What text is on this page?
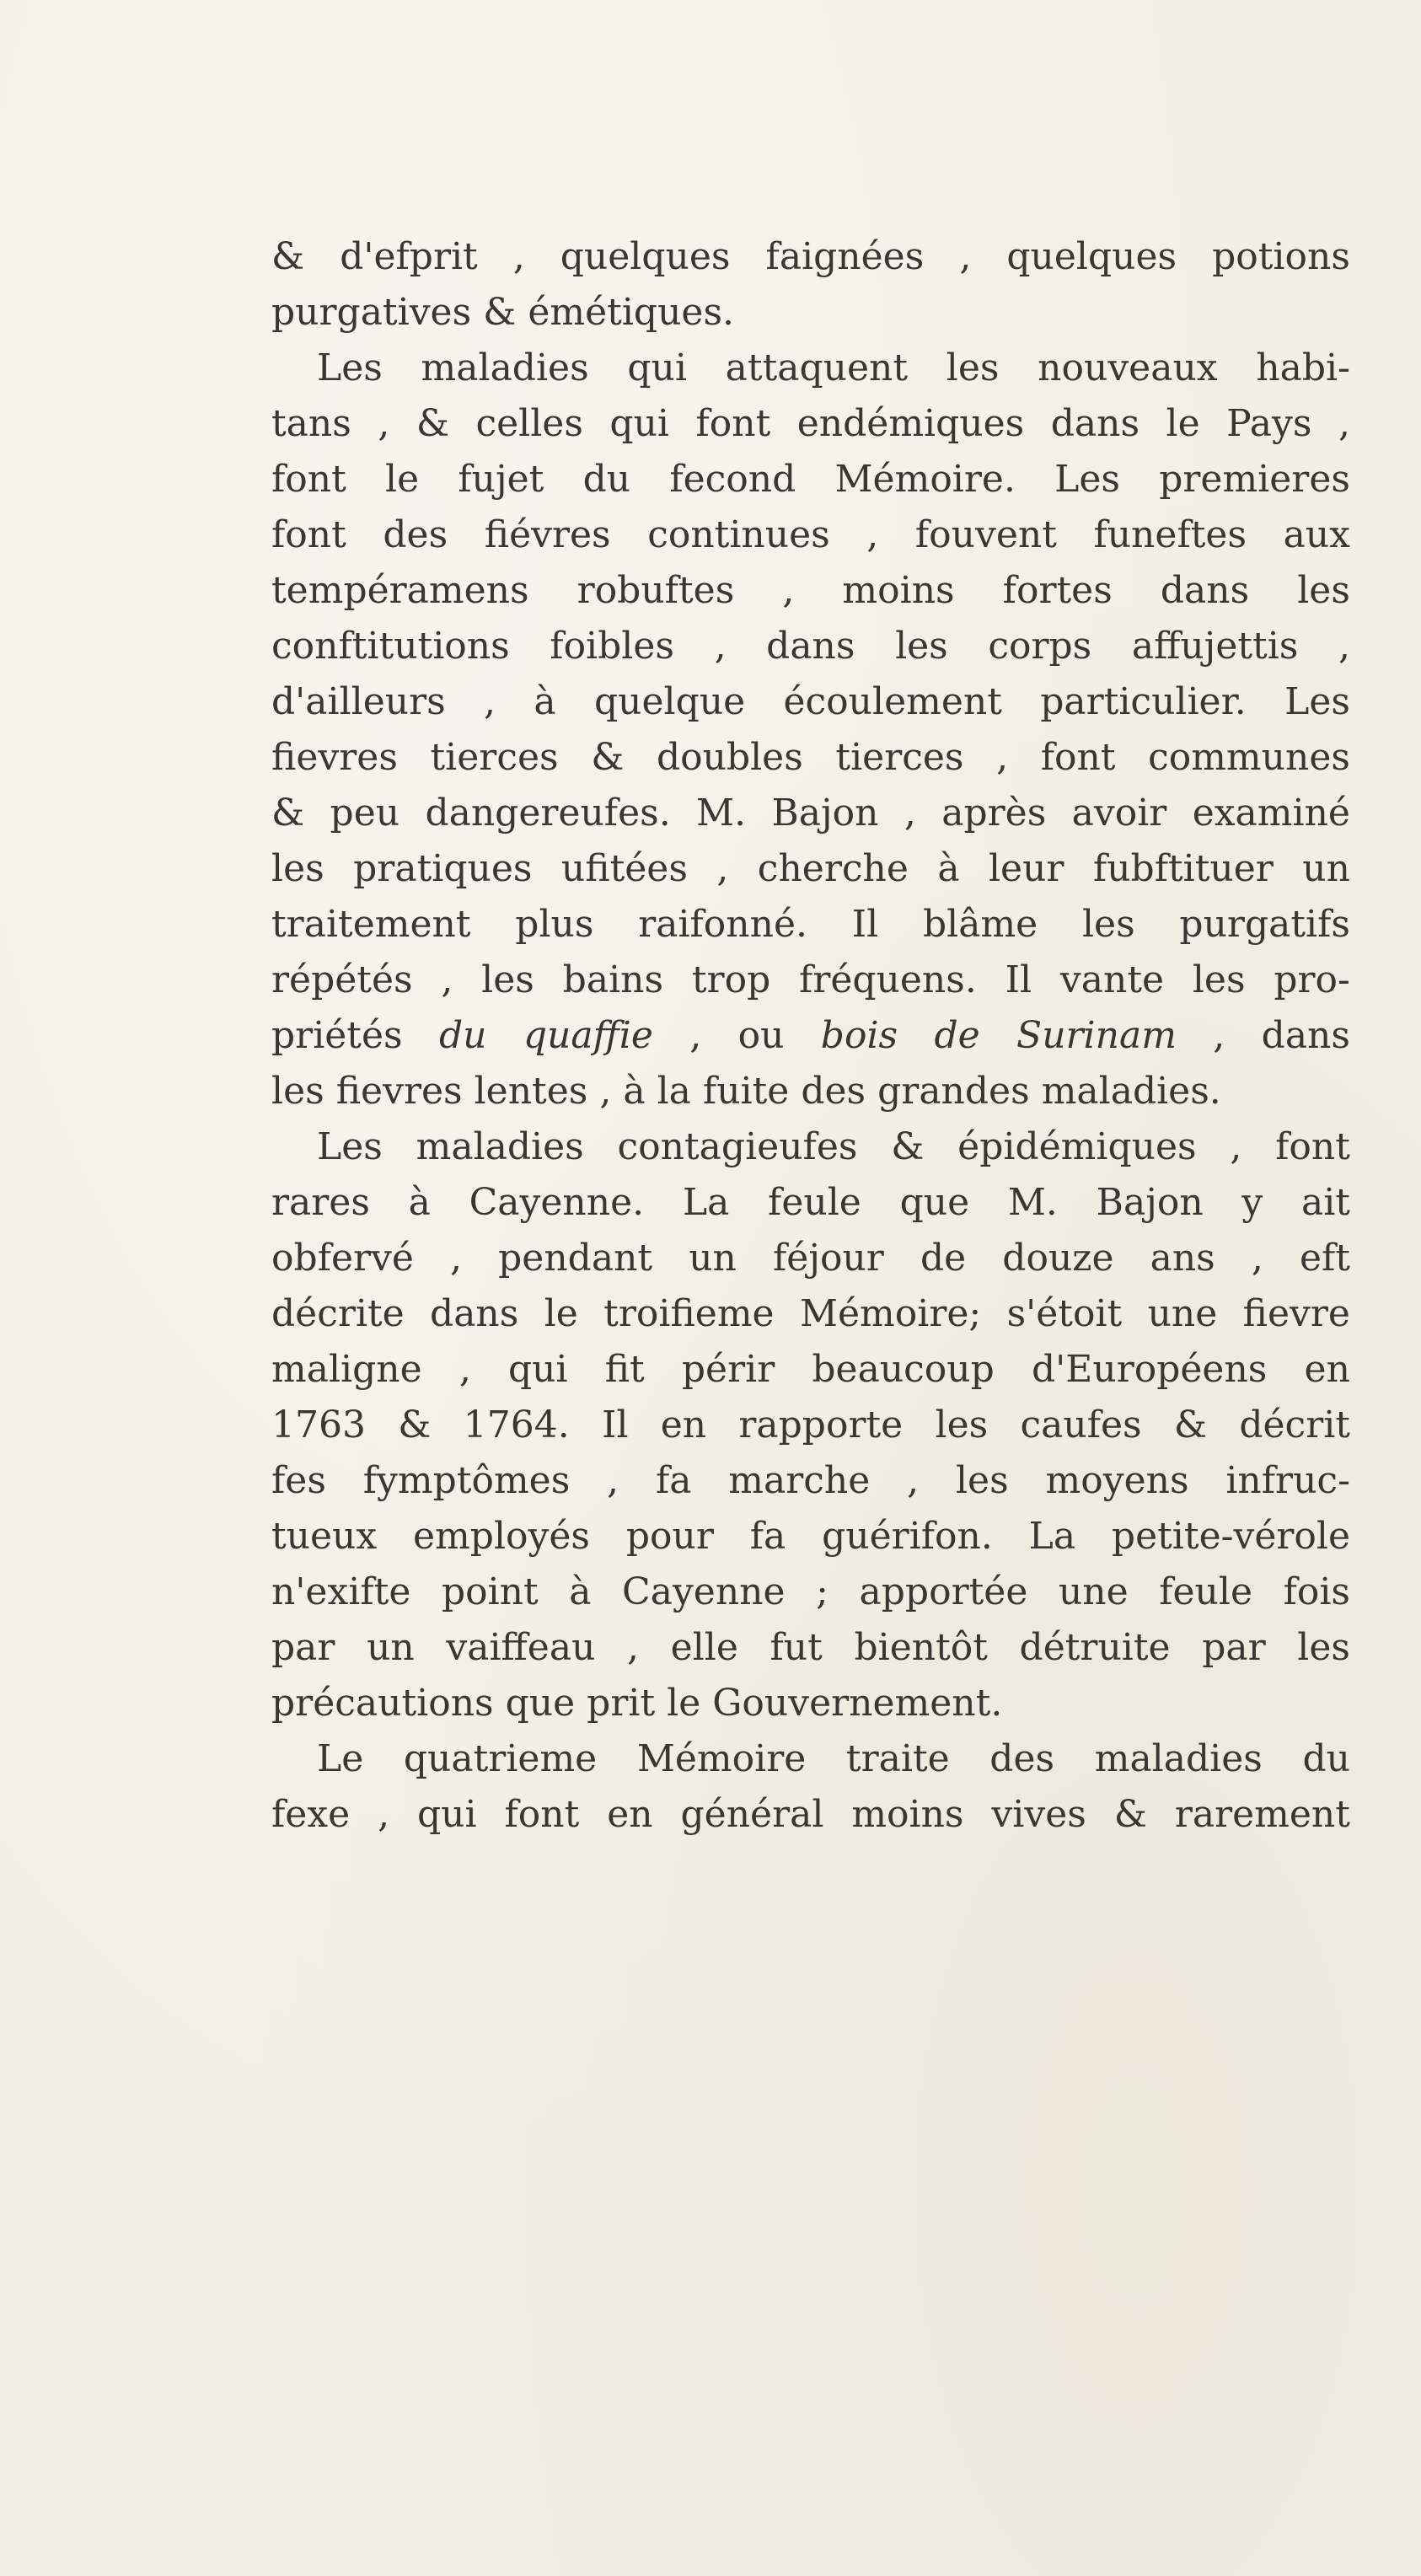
& d'efprit , quelques faignées , quelques potions
purgatives & émétiques.
Les maladies qui attaquent les nouveaux habi-
tans , & celles qui font endémiques dans le Pays ,
font le fujet du fecond Mémoire. Les premieres
font des fiévres continues , fouvent funeftes aux
tempéramens robuftes , moins fortes dans les
conftitutions foibles , dans les corps affujettis ,
d'ailleurs , à quelque écoulement particulier. Les
fievres tierces & doubles tierces , font communes
& peu dangereufes. M. Bajon , après avoir examiné
les pratiques ufitées , cherche à leur fubftituer un
traitement plus raifonné. Il blâme les purgatifs
répétés , les bains trop fréquens. Il vante les pro-
priétés du quaffie , ou bois de Surinam , dans
les fievres lentes , à la fuite des grandes maladies.
Les maladies contagieufes & épidémiques , font
rares à Cayenne. La feule que M. Bajon y ait
obfervé , pendant un féjour de douze ans , eft
décrite dans le troifieme Mémoire; s'étoit une fievre
maligne , qui fit périr beaucoup d'Européens en
1763 & 1764. Il en rapporte les caufes & décrit
fes fymptômes , fa marche , les moyens infruc-
tueux employés pour fa guérifon. La petite-vérole
n'exifte point à Cayenne ; apportée une feule fois
par un vaiffeau , elle fut bientôt détruite par les
précautions que prit le Gouvernement.
Le quatrieme Mémoire traite des maladies du
fexe , qui font en général moins vives & rarement
